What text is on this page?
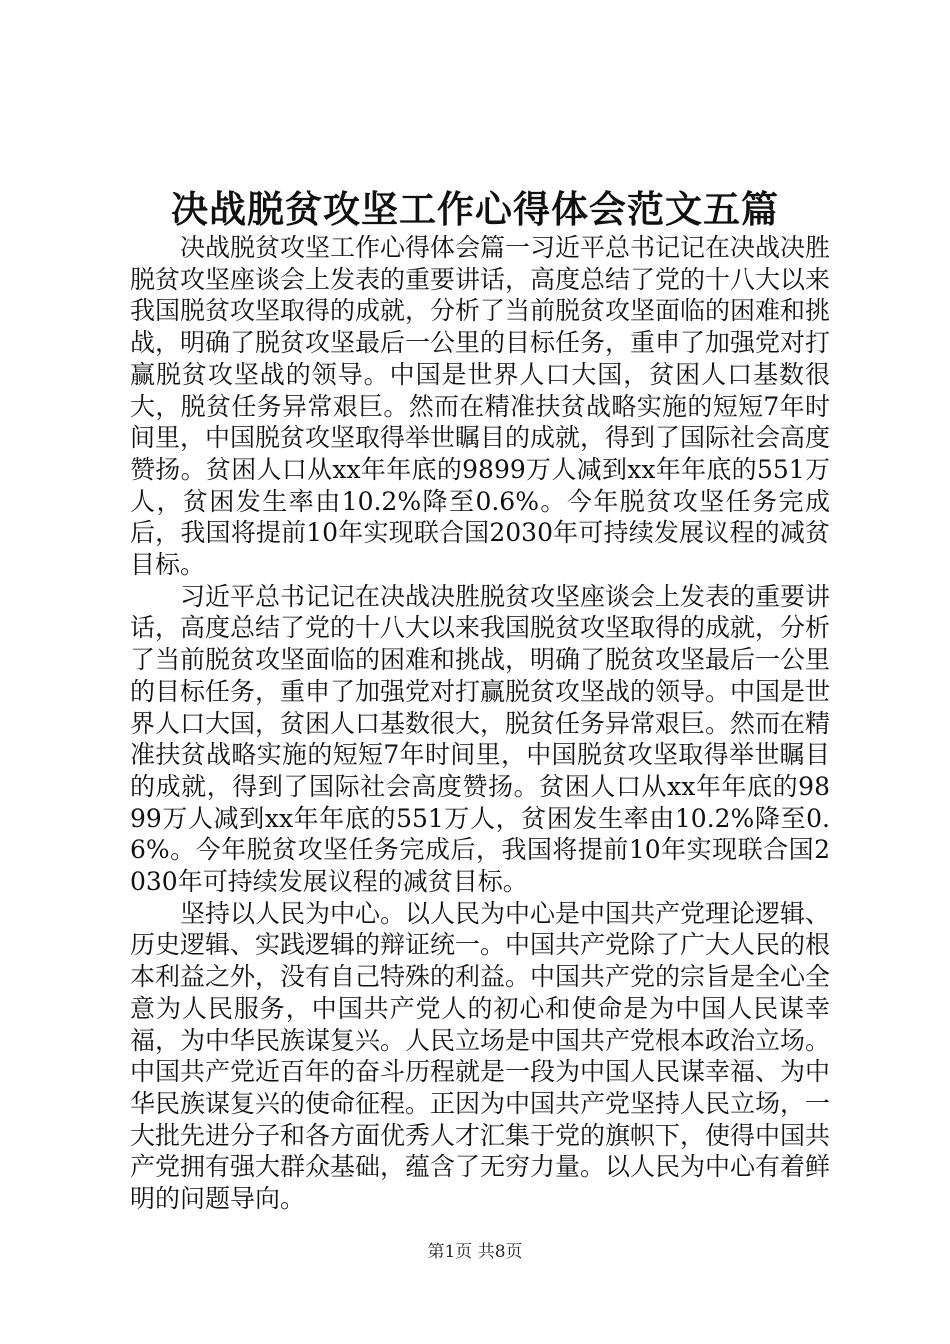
决战脱贫攻坚工作心得体会范文五篇

决战脱贫攻坚工作心得体会篇一习近平总书记记在决战决胜脱贫攻坚座谈会上发表的重要讲话，高度总结了党的十八大以来我国脱贫攻坚取得的成就，分析了当前脱贫攻坚面临的困难和挑战，明确了脱贫攻坚最后一公里的目标任务，重申了加强党对打赢脱贫攻坚战的领导。中国是世界人口大国，贫困人口基数很大，脱贫任务异常艰巨。然而在精准扶贫战略实施的短短7年时间里，中国脱贫攻坚取得举世瞩目的成就，得到了国际社会高度赞扬。贫困人口从xx年年底的9899万人减到xx年年底的551万人，贫困发生率由10.2%降至0.6%。今年脱贫攻坚任务完成后，我国将提前10年实现联合国2030年可持续发展议程的减贫目标。

习近平总书记记在决战决胜脱贫攻坚座谈会上发表的重要讲话，高度总结了党的十八大以来我国脱贫攻坚取得的成就，分析了当前脱贫攻坚面临的困难和挑战，明确了脱贫攻坚最后一公里的目标任务，重申了加强党对打赢脱贫攻坚战的领导。中国是世界人口大国，贫困人口基数很大，脱贫任务异常艰巨。然而在精准扶贫战略实施的短短7年时间里，中国脱贫攻坚取得举世瞩目的成就，得到了国际社会高度赞扬。贫困人口从xx年年底的9899万人减到xx年年底的551万人，贫困发生率由10.2%降至0.6%。今年脱贫攻坚任务完成后，我国将提前10年实现联合国2030年可持续发展议程的减贫目标。

坚持以人民为中心。以人民为中心是中国共产党理论逻辑、历史逻辑、实践逻辑的辩证统一。中国共产党除了广大人民的根本利益之外，没有自己特殊的利益。中国共产党的宗旨是全心全意为人民服务，中国共产党人的初心和使命是为中国人民谋幸福，为中华民族谋复兴。人民立场是中国共产党根本政治立场。中国共产党近百年的奋斗历程就是一段为中国人民谋幸福、为中华民族谋复兴的使命征程。正因为中国共产党坚持人民立场，一大批先进分子和各方面优秀人才汇集于党的旗帜下，使得中国共产党拥有强大群众基础，蕴含了无穷力量。以人民为中心有着鲜明的问题导向。

第1页 共8页
